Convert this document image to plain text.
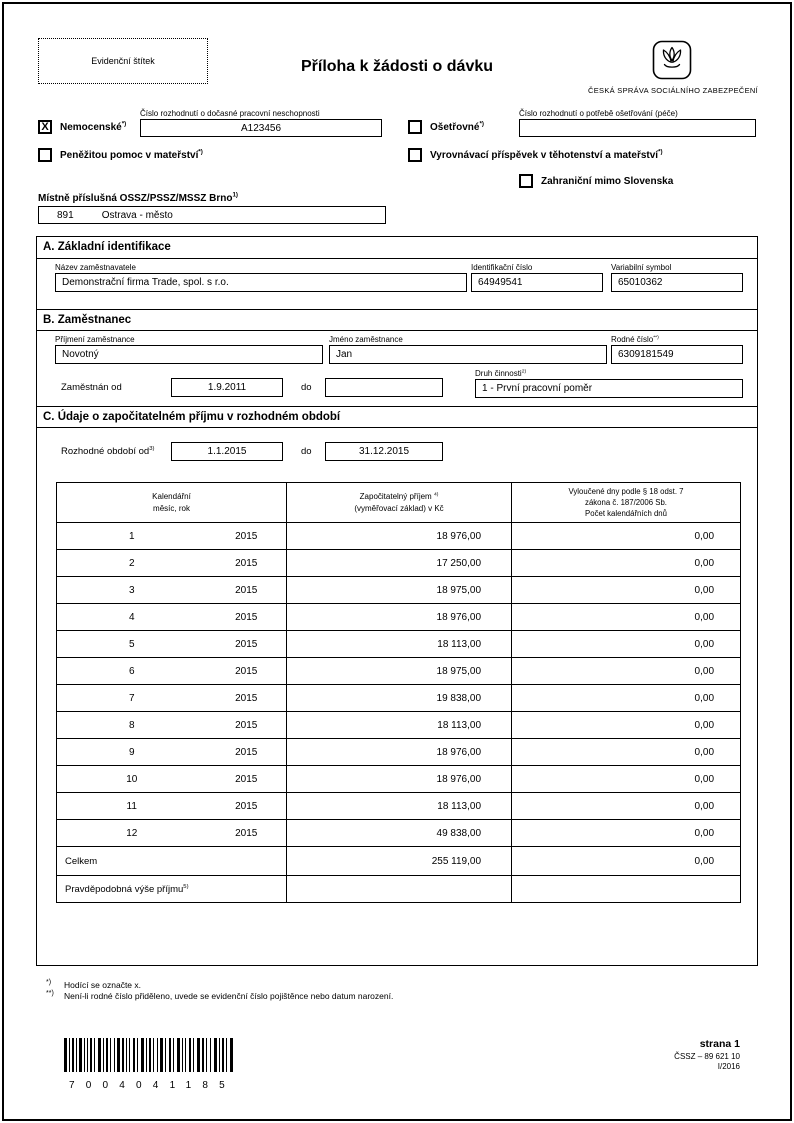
Evidenční štítek	Příloha k žádosti o dávku
ČESKÁ SPRÁVA SOCIÁLNÍHO ZABEZPEČENÍ
Číslo rozhodnutí o dočasné pracovní neschopnosti
A123456
X	Nemocenské*)
Číslo rozhodnutí o potřebě ošetřování (péče)
Ošetřovné*)
Peněžitou pomoc v mateřství*)	Vyrovnávací příspěvek v těhotenství a mateřství*)
Zahraniční mimo Slovenska
Místně příslušná OSSZ/PSSZ/MSSZ Brno$^{1)}$
891	Ostrava - město
A. Základní identifikace
Název zaměstnavatele
Demonstrační firma Trade, spol. s r.o.
Identifikační číslo
64949541
Variabilní symbol
65010362
B. Zaměstnanec
Příjmení zaměstnance
Novotný
Jméno zaměstnance
Jan
Rodné číslo**)
6309181549
Zaměstnán od	1.9.2011	do
Druh činnosti$^{2)}$
1 - První pracovní poměr
C. Údaje o započitatelném příjmu v rozhodném období
Rozhodné období $od^{3)}$	1.1.2015	do	31.12.2015
Kalendářní
měsíc, rok

Započitatelný příjem $^{4)}$
(vyměřovací základ) v Kč

Vyloučené dny podle § 18 odst. 7
zákona č. 187/2006 Sb.
Počet kalendářních dnů

1	2015	18 976,00	0,00
2	2015	17 250,00	0,00
3	2015	18 975,00	0,00
4	2015	18 976,00	0,00
5	2015	18 113,00	0,00
6	2015	18 975,00	0,00
7	2015	19 838,00	0,00
8	2015	18 113,00	0,00
9	2015	18 976,00	0,00
10	2015	18 976,00	0,00
11	2015	18 113,00	0,00
12	2015	49 838,00	0,00
Celkem		255 119,00	0,00
Pravděpodobná výše příjmu$^{5)}$		
*) Hodící se označte x.
**) Není-li rodné číslo přiděleno, uvede se evidenční číslo pojištěnce nebo datum narození.
7004041185
strana 1
ČSSZ – 89 621 10
I/2016
